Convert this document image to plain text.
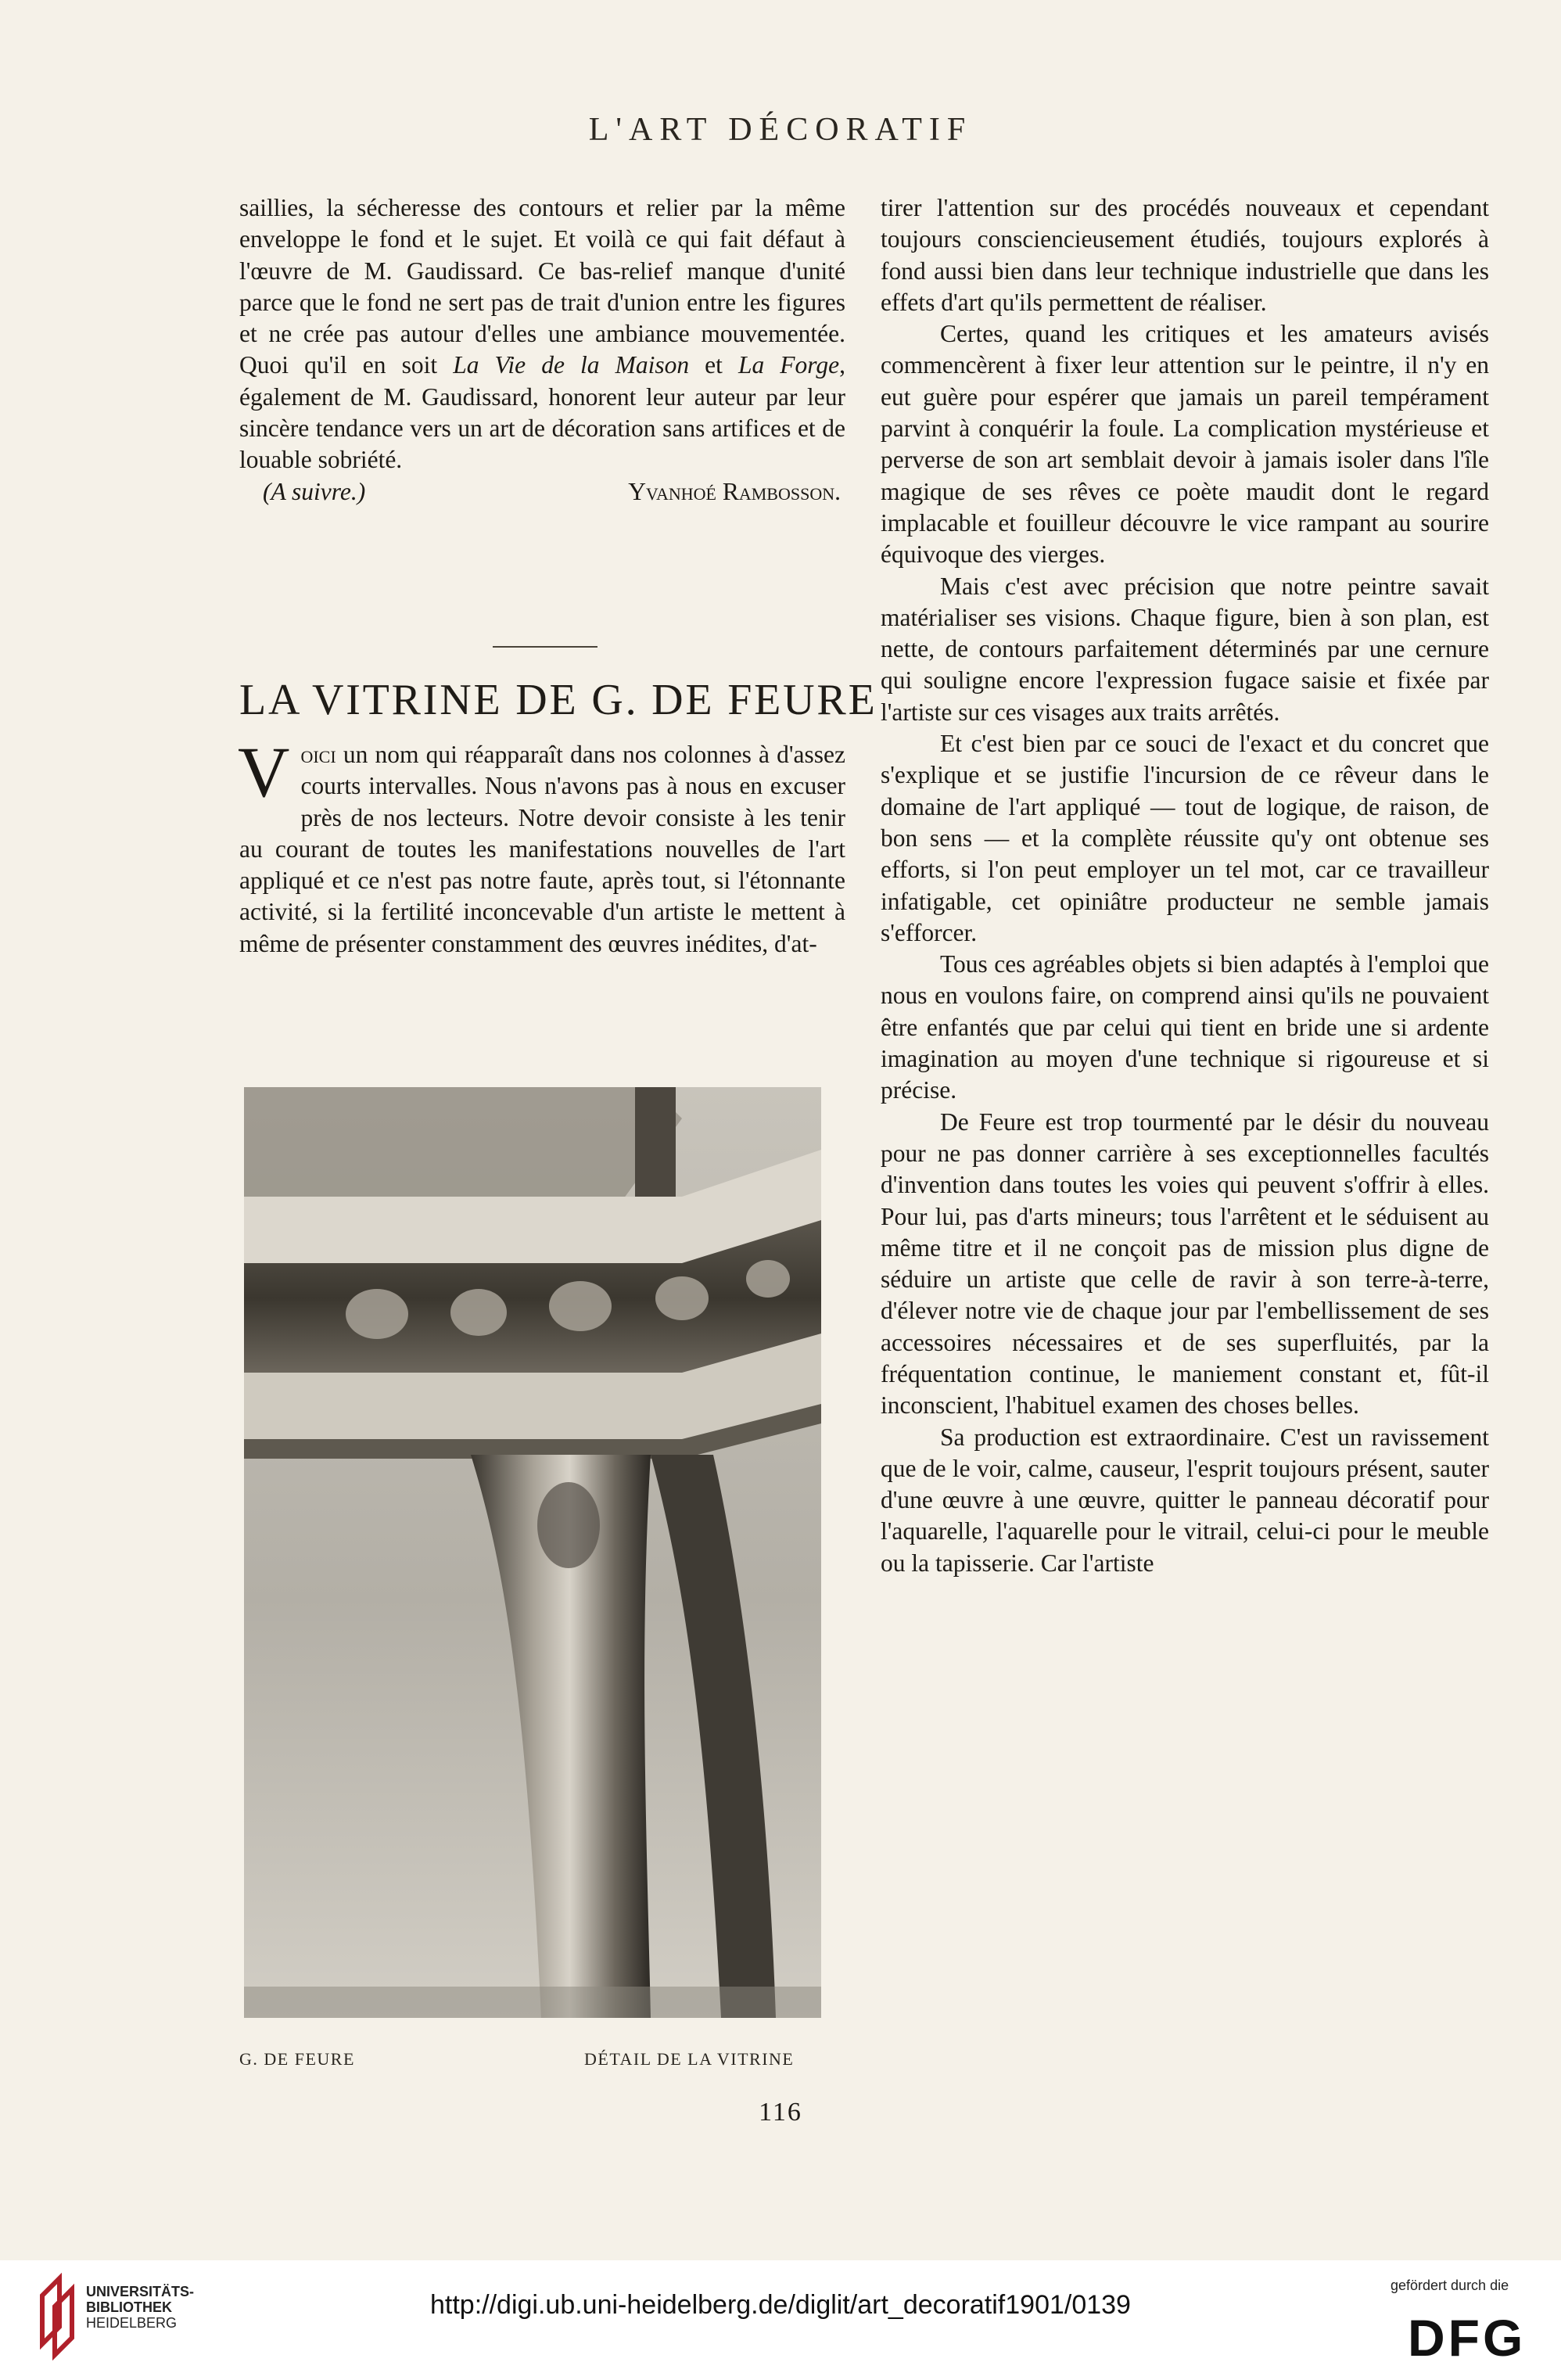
L'ART DÉCORATIF

saillies, la sécheresse des contours et relier par la même enveloppe le fond et le sujet. Et voilà ce qui fait défaut à l'œuvre de M. Gaudissard. Ce bas-relief manque d'unité parce que le fond ne sert pas de trait d'union entre les figures et ne crée pas autour d'elles une ambiance mouvementée. Quoi qu'il en soit La Vie de la Maison et La Forge, également de M. Gaudissard, honorent leur auteur par leur sincère tendance vers un art de décoration sans artifices et de louable sobriété.

(A suivre.)	Yvanhoé Rambosson.

LA VITRINE DE G. DE FEURE

Voici un nom qui réapparaît dans nos colonnes à d'assez courts intervalles. Nous n'avons pas à nous en excuser près de nos lecteurs. Notre devoir consiste à les tenir au courant de toutes les manifestations nouvelles de l'art appliqué et ce n'est pas notre faute, après tout, si l'étonnante activité, si la fertilité inconcevable d'un artiste le mettent à même de présenter constamment des œuvres inédites, d'at-

G. DE FEURE	DÉTAIL DE LA VITRINE

tirer l'attention sur des procédés nouveaux et cependant toujours consciencieusement étudiés, toujours explorés à fond aussi bien dans leur technique industrielle que dans les effets d'art qu'ils permettent de réaliser.

Certes, quand les critiques et les amateurs avisés commencèrent à fixer leur attention sur le peintre, il n'y en eut guère pour espérer que jamais un pareil tempérament parvint à conquérir la foule. La complication mystérieuse et perverse de son art semblait devoir à jamais isoler dans l'île magique de ses rêves ce poète maudit dont le regard implacable et fouilleur découvre le vice rampant au sourire équivoque des vierges.

Mais c'est avec précision que notre peintre savait matérialiser ses visions. Chaque figure, bien à son plan, est nette, de contours parfaitement déterminés par une cernure qui souligne encore l'expression fugace saisie et fixée par l'artiste sur ces visages aux traits arrêtés.

Et c'est bien par ce souci de l'exact et du concret que s'explique et se justifie l'incursion de ce rêveur dans le domaine de l'art appliqué — tout de logique, de raison, de bon sens — et la complète réussite qu'y ont obtenue ses efforts, si l'on peut employer un tel mot, car ce travailleur infatigable, cet opiniâtre producteur ne semble jamais s'efforcer.

Tous ces agréables objets si bien adaptés à l'emploi que nous en voulons faire, on comprend ainsi qu'ils ne pouvaient être enfantés que par celui qui tient en bride une si ardente imagination au moyen d'une technique si rigoureuse et si précise.

De Feure est trop tourmenté par le désir du nouveau pour ne pas donner carrière à ses exceptionnelles facultés d'invention dans toutes les voies qui peuvent s'offrir à elles. Pour lui, pas d'arts mineurs; tous l'arrêtent et le séduisent au même titre et il ne conçoit pas de mission plus digne de séduire un artiste que celle de ravir à son terre-à-terre, d'élever notre vie de chaque jour par l'embellissement de ses accessoires nécessaires et de ses superfluités, par la fréquentation continue, le maniement constant et, fût-il inconscient, l'habituel examen des choses belles.

Sa production est extraordinaire. C'est un ravissement que de le voir, calme, causeur, l'esprit toujours présent, sauter d'une œuvre à une œuvre, quitter le panneau décoratif pour l'aquarelle, l'aquarelle pour le vitrail, celui-ci pour le meuble ou la tapisserie. Car l'artiste

116
UNIVERSITÄTS-
BIBLIOTHEK
HEIDELBERG
http://digi.ub.uni-heidelberg.de/diglit/art_decoratif1901/0139
gefördert durch die
DFG
